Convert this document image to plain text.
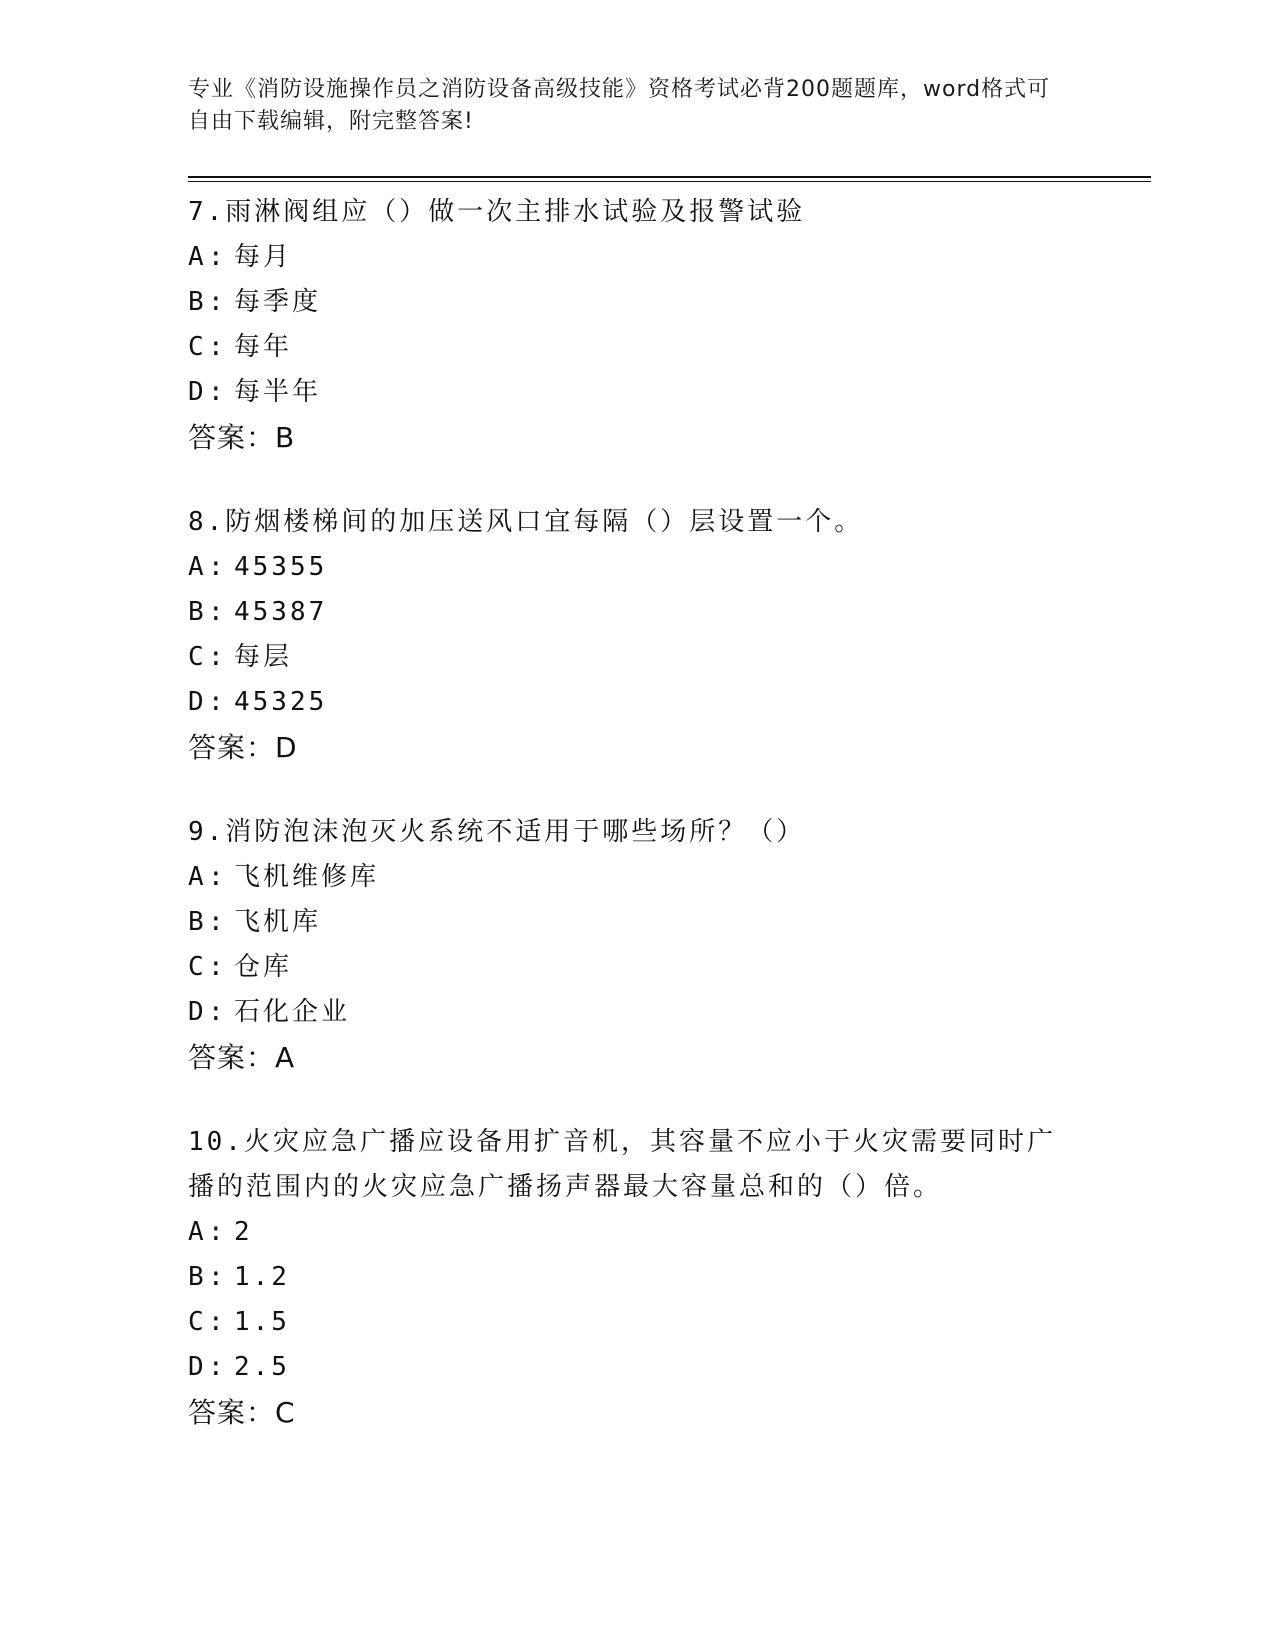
专业《消防设施操作员之消防设备高级技能》资格考试必背200题题库，word格式可自由下载编辑，附完整答案!

7.雨淋阀组应（）做一次主排水试验及报警试验

A: 每月

B: 每季度

C: 每年

D: 每半年

答案：B

8.防烟楼梯间的加压送风口宜每隔（）层设置一个。

A: 45355

B: 45387

C: 每层

D: 45325

答案：D

9.消防泡沫泡灭火系统不适用于哪些场所？（）

A: 飞机维修库

B: 飞机库

C: 仓库

D: 石化企业

答案：A

10.火灾应急广播应设备用扩音机，其容量不应小于火灾需要同时广播的范围内的火灾应急广播扬声器最大容量总和的（）倍。

A: 2

B: 1.2

C: 1.5

D: 2.5

答案：C
